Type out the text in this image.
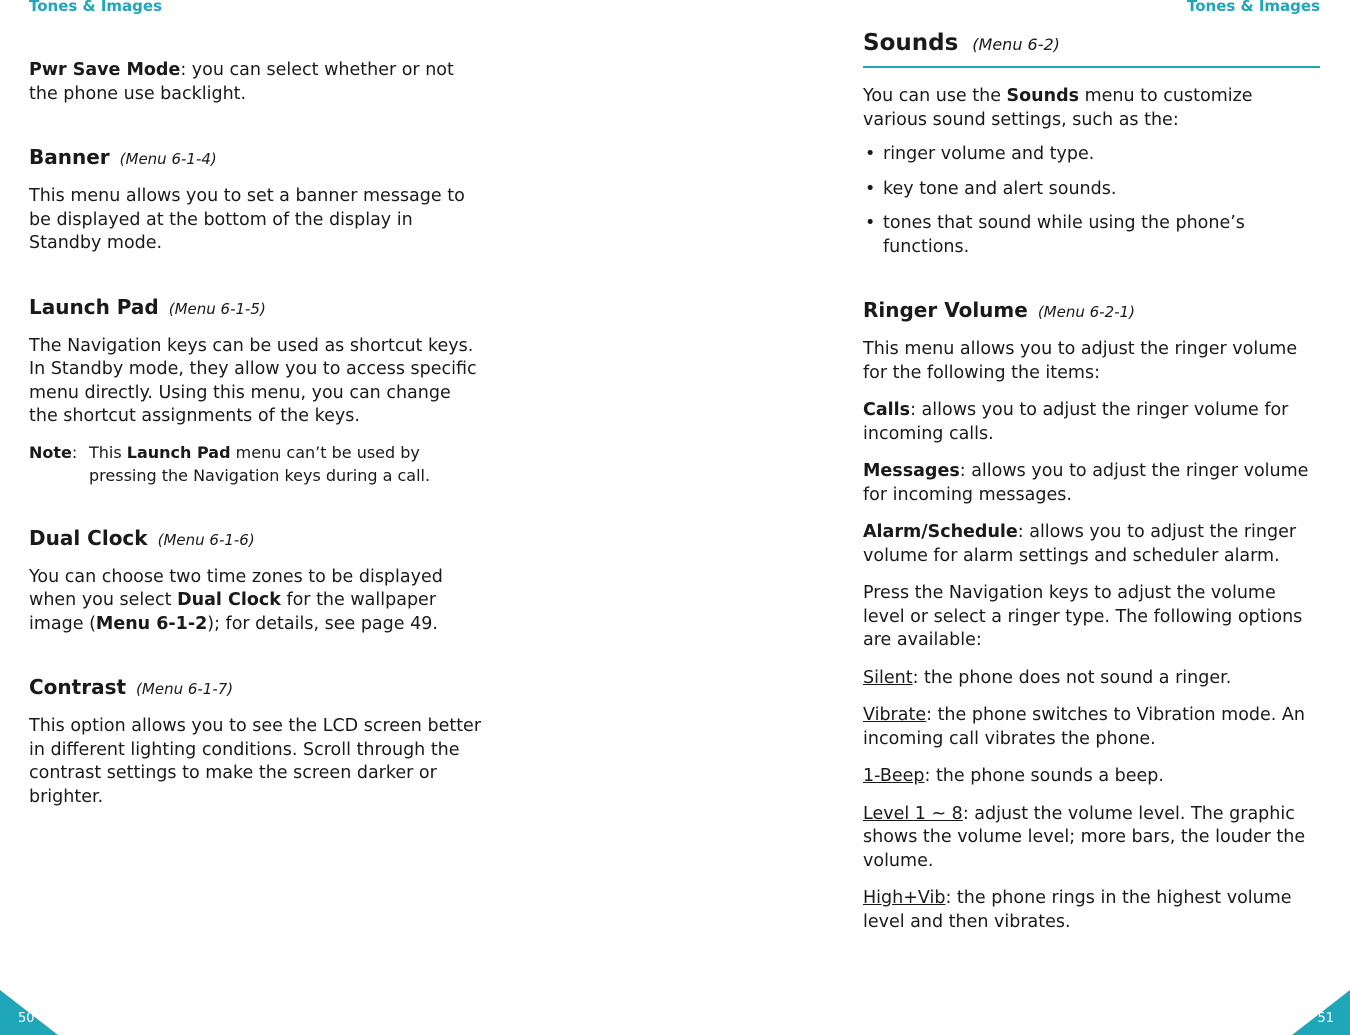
Tones & Images

Pwr Save Mode: you can select whether or not the phone use backlight.

Banner (Menu 6-1-4)

This menu allows you to set a banner message to be displayed at the bottom of the display in Standby mode.

Launch Pad (Menu 6-1-5)

The Navigation keys can be used as shortcut keys. In Standby mode, they allow you to access specific menu directly. Using this menu, you can change the shortcut assignments of the keys.

Note: This Launch Pad menu can’t be used by pressing the Navigation keys during a call.
Dual Clock (Menu 6-1-6)

You can choose two time zones to be displayed when you select Dual Clock for the wallpaper image (Menu 6-1-2); for details, see page 49.

Contrast (Menu 6-1-7)

This option allows you to see the LCD screen better in different lighting conditions. Scroll through the contrast settings to make the screen darker or brighter.

50
Tones & Images
Sounds (Menu 6-2)

You can use the Sounds menu to customize various sound settings, such as the:

• ringer volume and type.
• key tone and alert sounds.
• tones that sound while using the phone’s functions.
Ringer Volume (Menu 6-2-1)

This menu allows you to adjust the ringer volume for the following the items:

Calls: allows you to adjust the ringer volume for incoming calls.

Messages: allows you to adjust the ringer volume for incoming messages.

Alarm/Schedule: allows you to adjust the ringer volume for alarm settings and scheduler alarm.

Press the Navigation keys to adjust the volume level or select a ringer type. The following options are available:

Silent: the phone does not sound a ringer.

Vibrate: the phone switches to Vibration mode. An incoming call vibrates the phone.

1-Beep: the phone sounds a beep.

Level 1 ~ 8: adjust the volume level. The graphic shows the volume level; more bars, the louder the volume.

High+Vib: the phone rings in the highest volume level and then vibrates.

51
